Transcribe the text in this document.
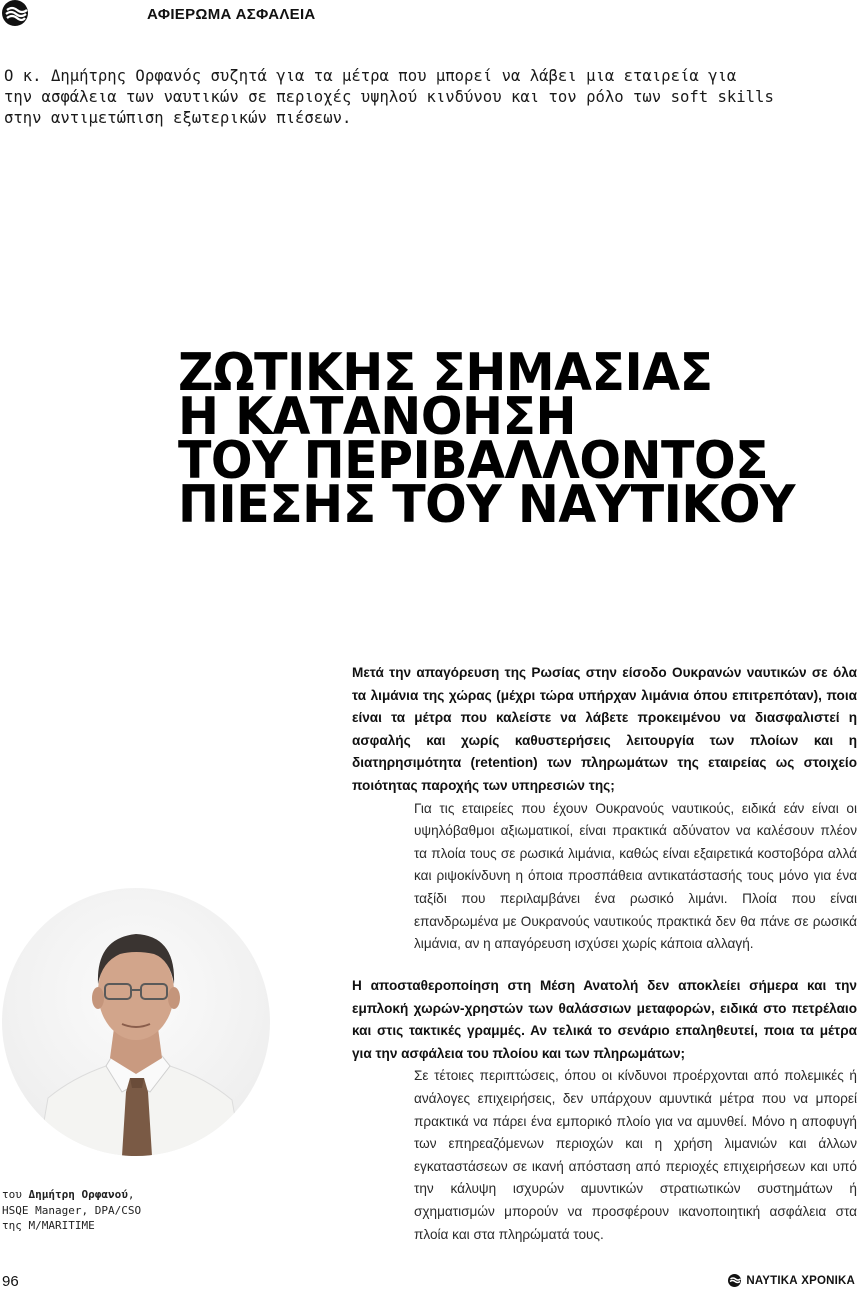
ΑΦΙΕΡΩΜΑ ΑΣΦΑΛΕΙΑ
Ο κ. Δημήτρης Ορφανός συζητά για τα μέτρα που μπορεί να λάβει μια εταιρεία για
την ασφάλεια των ναυτικών σε περιοχές υψηλού κινδύνου και τον ρόλο των soft skills
στην αντιμετώπιση εξωτερικών πιέσεων.
ΖΩΤΙΚΗΣ ΣΗΜΑΣΙΑΣ
Η ΚΑΤΑΝΟΗΣΗ
ΤΟΥ ΠΕΡΙΒΑΛΛΟΝΤΟΣ
ΠΙΕΣΗΣ ΤΟΥ ΝΑΥΤΙΚΟΥ
Μετά την απαγόρευση της Ρωσίας στην είσοδο Ουκρανών ναυτικών σε όλα τα λιμάνια της χώρας (μέχρι τώρα υπήρχαν λιμάνια όπου επιτρεπόταν), ποια είναι τα μέτρα που καλείστε να λάβετε προκειμένου να διασφαλιστεί η ασφαλής και χωρίς καθυστερήσεις λειτουργία των πλοίων και η διατηρησιμότητα (retention) των πληρωμάτων της εταιρείας ως στοιχείο ποιότητας παροχής των υπηρεσιών της;
Για τις εταιρείες που έχουν Ουκρανούς ναυτικούς, ειδικά εάν είναι οι υψηλόβαθμοι αξιωματικοί, είναι πρακτικά αδύνατον να καλέσουν πλέον τα πλοία τους σε ρωσικά λιμάνια, καθώς είναι εξαιρετικά κοστοβόρα αλλά και ριψοκίνδυνη η όποια προσπάθεια αντικατάστασής τους μόνο για ένα ταξίδι που περιλαμβάνει ένα ρωσικό λιμάνι. Πλοία που είναι επανδρωμένα με Ουκρανούς ναυτικούς πρακτικά δεν θα πάνε σε ρωσικά λιμάνια, αν η απαγόρευση ισχύσει χωρίς κάποια αλλαγή.
Η αποσταθεροποίηση στη Μέση Ανατολή δεν αποκλείει σήμερα και την εμπλοκή χωρών-χρηστών των θαλάσσιων μεταφορών, ειδικά στο πετρέλαιο και στις τακτικές γραμμές. Αν τελικά το σενάριο επαληθευτεί, ποια τα μέτρα για την ασφάλεια του πλοίου και των πληρωμάτων;
Σε τέτοιες περιπτώσεις, όπου οι κίνδυνοι προέρχονται από πολεμικές ή ανάλογες επιχειρήσεις, δεν υπάρχουν αμυντικά μέτρα που να μπορεί πρακτικά να πάρει ένα εμπορικό πλοίο για να αμυνθεί. Μόνο η αποφυγή των επηρεαζόμενων περιοχών και η χρήση λιμανιών και άλλων εγκαταστάσεων σε ικανή απόσταση από περιοχές επιχειρήσεων και υπό την κάλυψη ισχυρών αμυντικών στρατιωτικών συστημάτων ή σχηματισμών μπορούν να προσφέρουν ικανοποιητική ασφάλεια στα πλοία και στα πληρώματά τους.
του Δημήτρη Ορφανού,
HSQE Manager, DPA/CSO
της M/MARITIME
96	ΝΑΥΤΙΚΑ ΧΡΟΝΙΚΑ
